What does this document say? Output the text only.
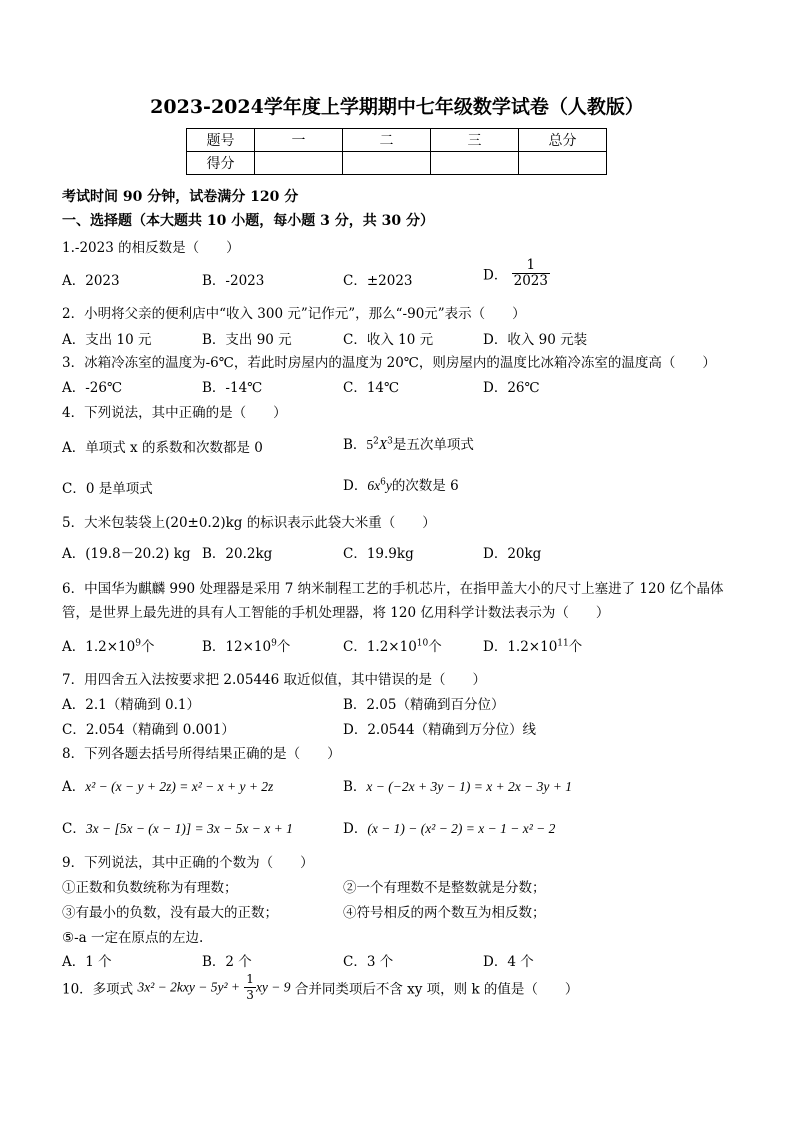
2023-2024学年度上学期期中七年级数学试卷（人教版）
题号	一	二	三	总分
得分				
考试时间 90 分钟，试卷满分 120 分
一、选择题（本大题共 10 小题，每小题 3 分，共 30 分）
1.-2023 的相反数是（　　）
A．2023	B．-2023	C．±2023	D． $\frac{1}{2023}$
2．小明将父亲的便利店中“收入 300 元”记作元”，那么“-90元”表示（　　）
A．支出 10 元	B．支出 90 元	C．收入 10 元	D．收入 90 元装
3．冰箱冷冻室的温度为-6℃，若此时房屋内的温度为 20℃，则房屋内的温度比冰箱冷冻室的温度高（　　）
A．-26℃	B．-14℃	C．14℃	D．26℃
4．下列说法，其中正确的是（　　）
A．单项式 x 的系数和次数都是 0	B．$5^2X^3$是五次单项式
C．0 是单项式	D．$6x^6y$的次数是 6
5．大米包装袋上(20±0.2)kg 的标识表示此袋大米重（　　）
A．(19.8－20.2) kg B．20.2kg	C．19.9kg	D．20kg
6．中国华为麒麟 990 处理器是采用 7 纳米制程工艺的手机芯片，在指甲盖大小的尺寸上塞进了 120 亿个晶体
管，是世界上最先进的具有人工智能的手机处理器，将 120 亿用科学计数法表示为（　　）
A．$1.2\times 10^9$个	B．$12\times 10^9$个	C．$1.2\times 10^{10}$个	D．$1.2\times 10^{11}$个
7．用四舍五入法按要求把 2.05446 取近似值，其中错误的是（　　）
A．2.1（精确到 0.1）	B．2.05（精确到百分位）
C．2.054（精确到 0.001）	D．2.0544（精确到万分位）线
8．下列各题去括号所得结果正确的是（　　）
A．x² − (x − y + 2z) = x² − x + y + 2z	B．x − (−2x + 3y − 1) = x + 2x − 3y + 1
C．3x − [5x − (x − 1)] = 3x − 5x − x + 1	D．(x − 1) − (x² − 2) = x − 1 − x² − 2
9．下列说法，其中正确的个数为（　　）
①正数和负数统称为有理数；	②一个有理数不是整数就是分数；
③有最小的负数，没有最大的正数；	④符号相反的两个数互为相反数；
⑤-a 一定在原点的左边.
A．1 个	B．2 个	C．3 个	D．4 个
10．多项式 $3x^2 - 2kxy - 5y^2 + \frac{1}{3}$ xy − 9 合并同类项后不含 xy 项，则 k 的值是（　　）
